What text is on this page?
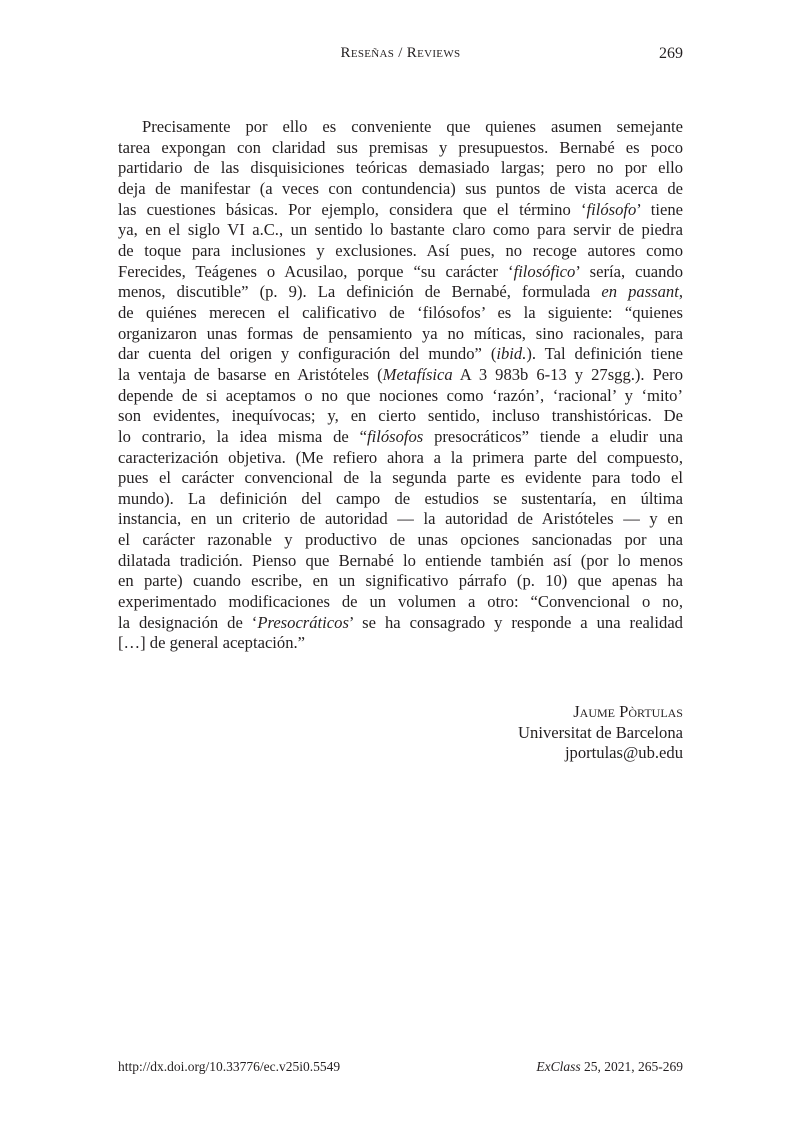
Reseñas / Reviews	269
Precisamente por ello es conveniente que quienes asumen semejante
tarea expongan con claridad sus premisas y presupuestos. Bernabé es poco
partidario de las disquisiciones teóricas demasiado largas; pero no por ello
deja de manifestar (a veces con contundencia) sus puntos de vista acerca de
las cuestiones básicas. Por ejemplo, considera que el término ‘filósofo’ tiene
ya, en el siglo VI a.C., un sentido lo bastante claro como para servir de piedra
de toque para inclusiones y exclusiones. Así pues, no recoge autores como
Ferecides, Teágenes o Acusilao, porque “su carácter ‘filosófico’ sería, cuando
menos, discutible” (p. 9). La definición de Bernabé, formulada en passant,
de quiénes merecen el calificativo de ‘filósofos’ es la siguiente: “quienes
organizaron unas formas de pensamiento ya no míticas, sino racionales, para
dar cuenta del origen y configuración del mundo” (ibid.). Tal definición tiene
la ventaja de basarse en Aristóteles (Metafísica A 3 983b 6-13 y 27sgg.). Pero
depende de si aceptamos o no que nociones como ‘razón’, ‘racional’ y ‘mito’
son evidentes, inequívocas; y, en cierto sentido, incluso transhistóricas. De
lo contrario, la idea misma de “filósofos presocráticos” tiende a eludir una
caracterización objetiva. (Me refiero ahora a la primera parte del compuesto,
pues el carácter convencional de la segunda parte es evidente para todo el
mundo). La definición del campo de estudios se sustentaría, en última
instancia, en un criterio de autoridad — la autoridad de Aristóteles — y en
el carácter razonable y productivo de unas opciones sancionadas por una
dilatada tradición. Pienso que Bernabé lo entiende también así (por lo menos
en parte) cuando escribe, en un significativo párrafo (p. 10) que apenas ha
experimentado modificaciones de un volumen a otro: “Convencional o no,
la designación de ‘Presocráticos’ se ha consagrado y responde a una realidad
[…] de general aceptación.”
Jaume Pòrtulas
Universitat de Barcelona
jportulas@ub.edu
http://dx.doi.org/10.33776/ec.v25i0.5549	ExClass 25, 2021, 265-269
